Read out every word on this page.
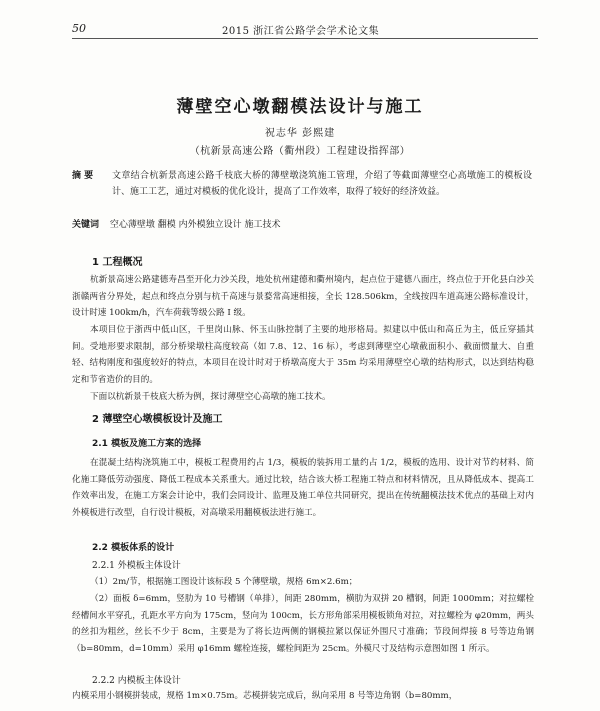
50	2015 浙江省公路学会学术论文集
薄壁空心墩翻模法设计与施工
祝志华 彭熙建
（杭新景高速公路（衢州段）工程建设指挥部）
摘 要 文章结合杭新景高速公路千枝底大桥的薄壁墩浇筑施工管理，介绍了等截面薄壁空心高墩施工的模板设计、施工工艺，通过对模板的优化设计，提高了工作效率，取得了较好的经济效益。
关键词 空心薄壁墩 翻模 内外模独立设计 施工技术
1 工程概况
杭新景高速公路建德寿昌至开化力沙关段，地处杭州建德和衢州境内，起点位于建德八面庄，终点位于开化县白沙关浙赣两省分界处，起点和终点分别与杭千高速与景婺常高速相接，全长 128.506km，全线按四车道高速公路标准设计，设计时速 100km/h，汽车荷载等级公路 I 级。
本项目位于浙西中低山区，千里岗山脉、怀玉山脉控制了主要的地形格局。拟建以中低山和高丘为主，低丘穿插其间。受地形要求限制，部分桥梁墩柱高度较高（如 7.8、12、16 标），考虑到薄壁空心墩截面积小、截面惯量大、自重轻、结构刚度和强度较好的特点，本项目在设计时对于桥墩高度大于 35m 均采用薄壁空心墩的结构形式，以达到结构稳定和节省造价的目的。
下面以杭新景千枝底大桥为例，探讨薄壁空心高墩的施工技术。
2 薄壁空心墩模板设计及施工
2.1 模板及施工方案的选择
在混凝土结构浇筑施工中，模板工程费用约占 1/3，模板的装拆用工量约占 1/2，模板的选用、设计对节约材料、简化施工降低劳动强度、降低工程成本关系重大。通过比较，结合该大桥工程施工特点和材料情况，且从降低成本、提高工作效率出发，在施工方案会计论中，我们会同设计、监理及施工单位共同研究，提出在传统翻模法技术优点的基础上对内外模板进行改型，自行设计模板，对高墩采用翻模板法进行施工。
2.2 模板体系的设计
2.2.1 外模板主体设计
（1）2m/节，根据施工图设计该标段 5 个薄壁墩，规格 6m×2.6m；
（2）面板 δ=6mm，竖肋为 10 号槽钢（单排），间距 280mm，横肋为双拼 20 槽钢，间距 1000mm；对拉螺栓经槽间水平穿孔，孔距水平方向为 175cm，竖向为 100cm，长方形角部采用模板锁角对拉，对拉螺栓为 φ20mm，两头的丝扣为粗丝，丝长不少于 8cm，主要是为了将长边两侧的钢模拉紧以保证外围尺寸准确；节段间焊接 8 号等边角钢（b=80mm，d=10mm）采用 φ16mm 螺栓连接，螺栓间距为 25cm。外模尺寸及结构示意图如图 1 所示。
2.2.2 内模板主体设计
内模采用小钢模拼装成，规格 1m×0.75m。芯模拼装完成后，纵向采用 8 号等边角钢（b=80mm，
